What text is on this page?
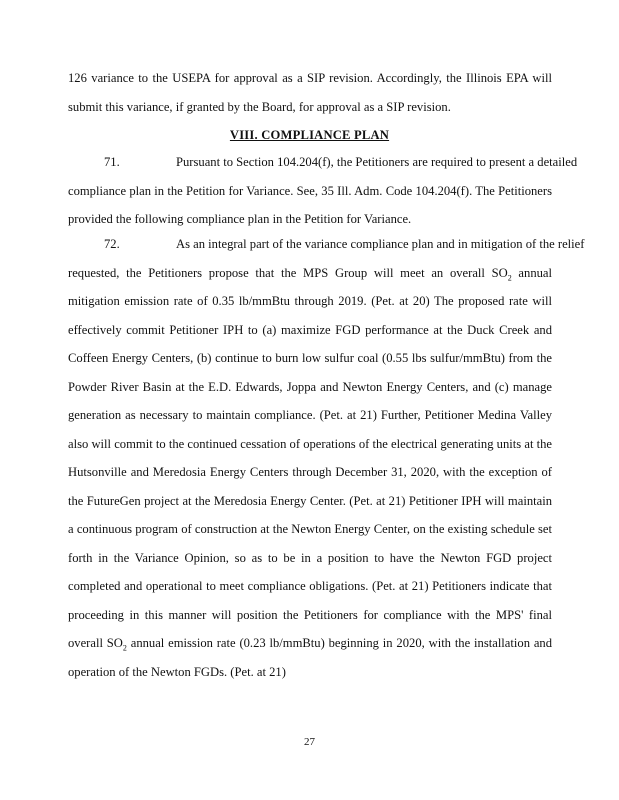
126 variance to the USEPA for approval as a SIP revision. Accordingly, the Illinois EPA will
submit this variance, if granted by the Board, for approval as a SIP revision.
VIII. COMPLIANCE PLAN
71.	Pursuant to Section 104.204(f), the Petitioners are required to present a detailed
compliance plan in the Petition for Variance. See, 35 Ill. Adm. Code 104.204(f). The Petitioners
provided the following compliance plan in the Petition for Variance.
72.	As an integral part of the variance compliance plan and in mitigation of the relief
requested, the Petitioners propose that the MPS Group will meet an overall $SO_2$ annual
mitigation emission rate of 0.35 lb/mmBtu through 2019. (Pet. at 20) The proposed rate will
effectively commit Petitioner IPH to (a) maximize FGD performance at the Duck Creek and
Coffeen Energy Centers, (b) continue to burn low sulfur coal (0.55 lbs sulfur/mmBtu) from the
Powder River Basin at the E.D. Edwards, Joppa and Newton Energy Centers, and (c) manage
generation as necessary to maintain compliance. (Pet. at 21) Further, Petitioner Medina Valley
also will commit to the continued cessation of operations of the electrical generating units at the
Hutsonville and Meredosia Energy Centers through December 31, 2020, with the exception of
the FutureGen project at the Meredosia Energy Center. (Pet. at 21) Petitioner IPH will maintain
a continuous program of construction at the Newton Energy Center, on the existing schedule set
forth in the Variance Opinion, so as to be in a position to have the Newton FGD project
completed and operational to meet compliance obligations. (Pet. at 21) Petitioners indicate that
proceeding in this manner will position the Petitioners for compliance with the MPS' final
overall $SO_2$ annual emission rate (0.23 lb/mmBtu) beginning in 2020, with the installation and
operation of the Newton FGDs. (Pet. at 21)
27
